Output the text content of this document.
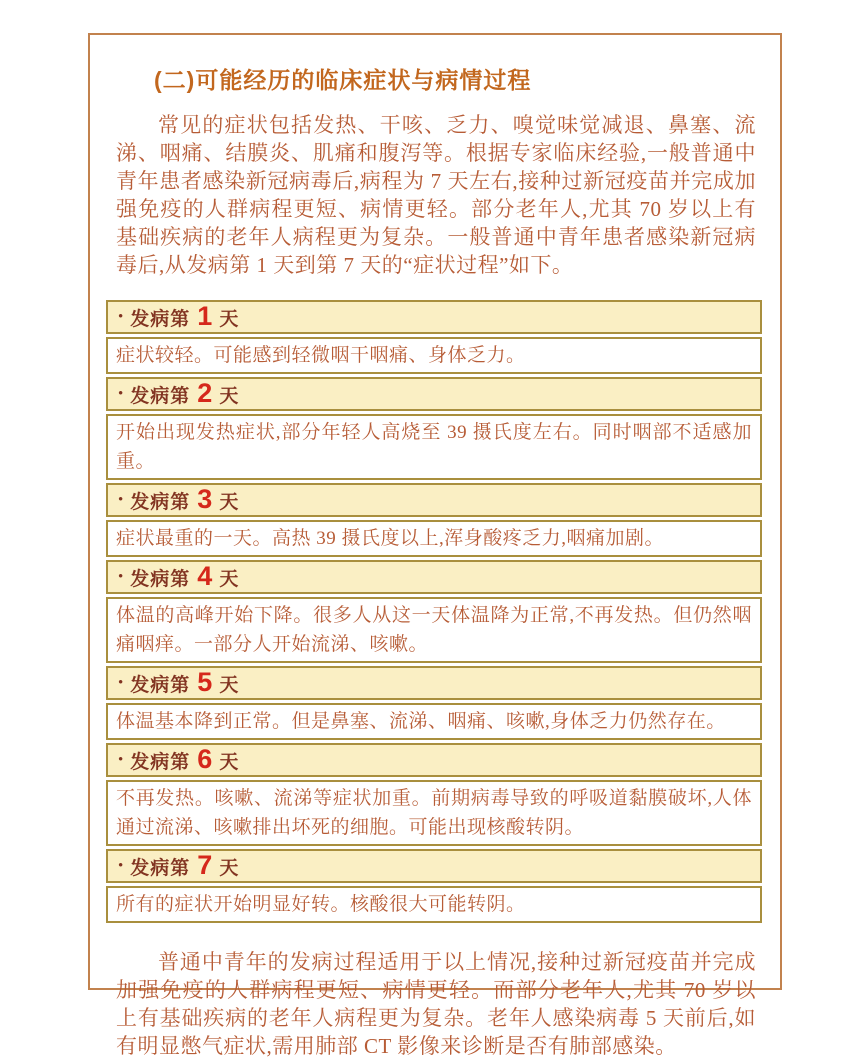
(二)可能经历的临床症状与病情过程

常见的症状包括发热、干咳、乏力、嗅觉味觉减退、鼻塞、流涕、咽痛、结膜炎、肌痛和腹泻等。根据专家临床经验,一般普通中青年患者感染新冠病毒后,病程为 7 天左右,接种过新冠疫苗并完成加强免疫的人群病程更短、病情更轻。部分老年人,尤其 70 岁以上有基础疾病的老年人病程更为复杂。一般普通中青年患者感染新冠病毒后,从发病第 1 天到第 7 天的“症状过程”如下。

• 发病第 1 天
症状较轻。可能感到轻微咽干咽痛、身体乏力。
• 发病第 2 天
开始出现发热症状,部分年轻人高烧至 39 摄氏度左右。同时咽部不适感加重。
• 发病第 3 天
症状最重的一天。高热 39 摄氏度以上,浑身酸疼乏力,咽痛加剧。
• 发病第 4 天
体温的高峰开始下降。很多人从这一天体温降为正常,不再发热。但仍然咽痛咽痒。一部分人开始流涕、咳嗽。
• 发病第 5 天
体温基本降到正常。但是鼻塞、流涕、咽痛、咳嗽,身体乏力仍然存在。
• 发病第 6 天
不再发热。咳嗽、流涕等症状加重。前期病毒导致的呼吸道黏膜破坏,人体通过流涕、咳嗽排出坏死的细胞。可能出现核酸转阴。
• 发病第 7 天
所有的症状开始明显好转。核酸很大可能转阴。

普通中青年的发病过程适用于以上情况,接种过新冠疫苗并完成加强免疫的人群病程更短、病情更轻。而部分老年人,尤其 70 岁以上有基础疾病的老年人病程更为复杂。老年人感染病毒 5 天前后,如有明显憋气症状,需用肺部 CT 影像来诊断是否有肺部感染。
